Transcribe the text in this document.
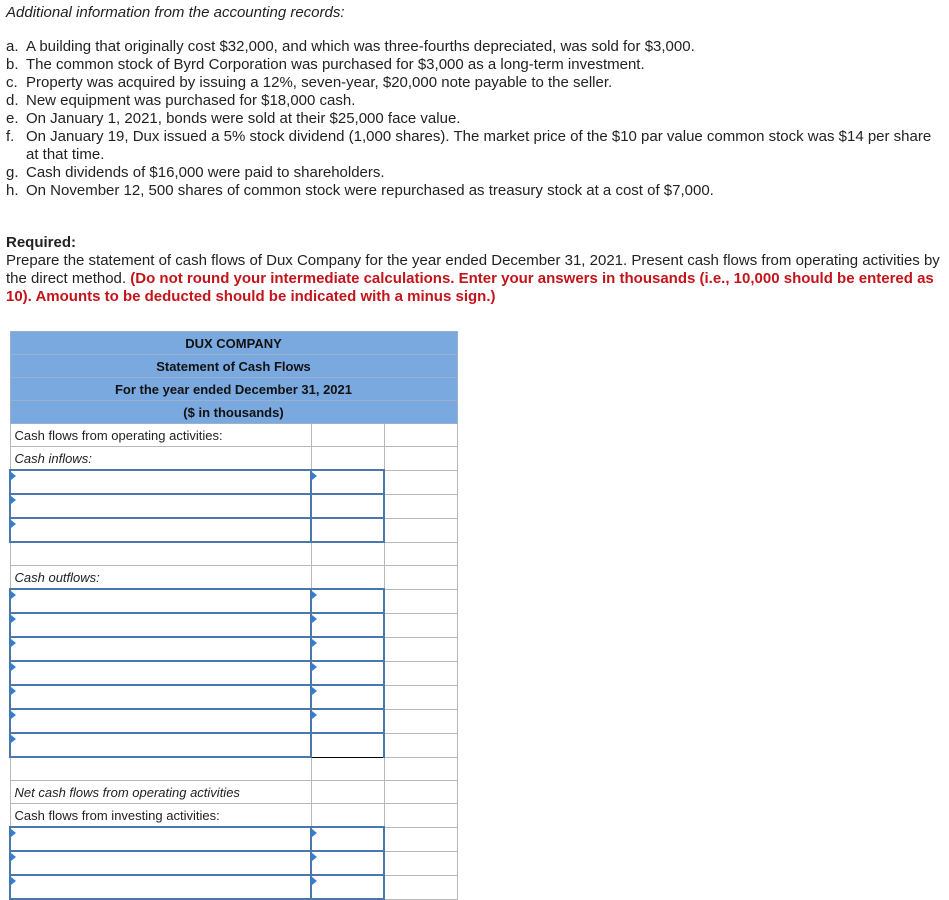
Additional information from the accounting records:
a. A building that originally cost $32,000, and which was three-fourths depreciated, was sold for $3,000.
b. The common stock of Byrd Corporation was purchased for $3,000 as a long-term investment.
c. Property was acquired by issuing a 12%, seven-year, $20,000 note payable to the seller.
d. New equipment was purchased for $18,000 cash.
e. On January 1, 2021, bonds were sold at their $25,000 face value.
f. On January 19, Dux issued a 5% stock dividend (1,000 shares). The market price of the $10 par value common stock was $14 per share at that time.
g. Cash dividends of $16,000 were paid to shareholders.
h. On November 12, 500 shares of common stock were repurchased as treasury stock at a cost of $7,000.
Required:
Prepare the statement of cash flows of Dux Company for the year ended December 31, 2021. Present cash flows from operating activities by the direct method. (Do not round your intermediate calculations. Enter your answers in thousands (i.e., 10,000 should be entered as 10). Amounts to be deducted should be indicated with a minus sign.)
DUX COMPANY		
Statement of Cash Flows		
For the year ended December 31, 2021		
($ in thousands)		
Cash flows from operating activities:		
Cash inflows:		

Cash outflows:		

Net cash flows from operating activities		
Cash flows from investing activities:		
